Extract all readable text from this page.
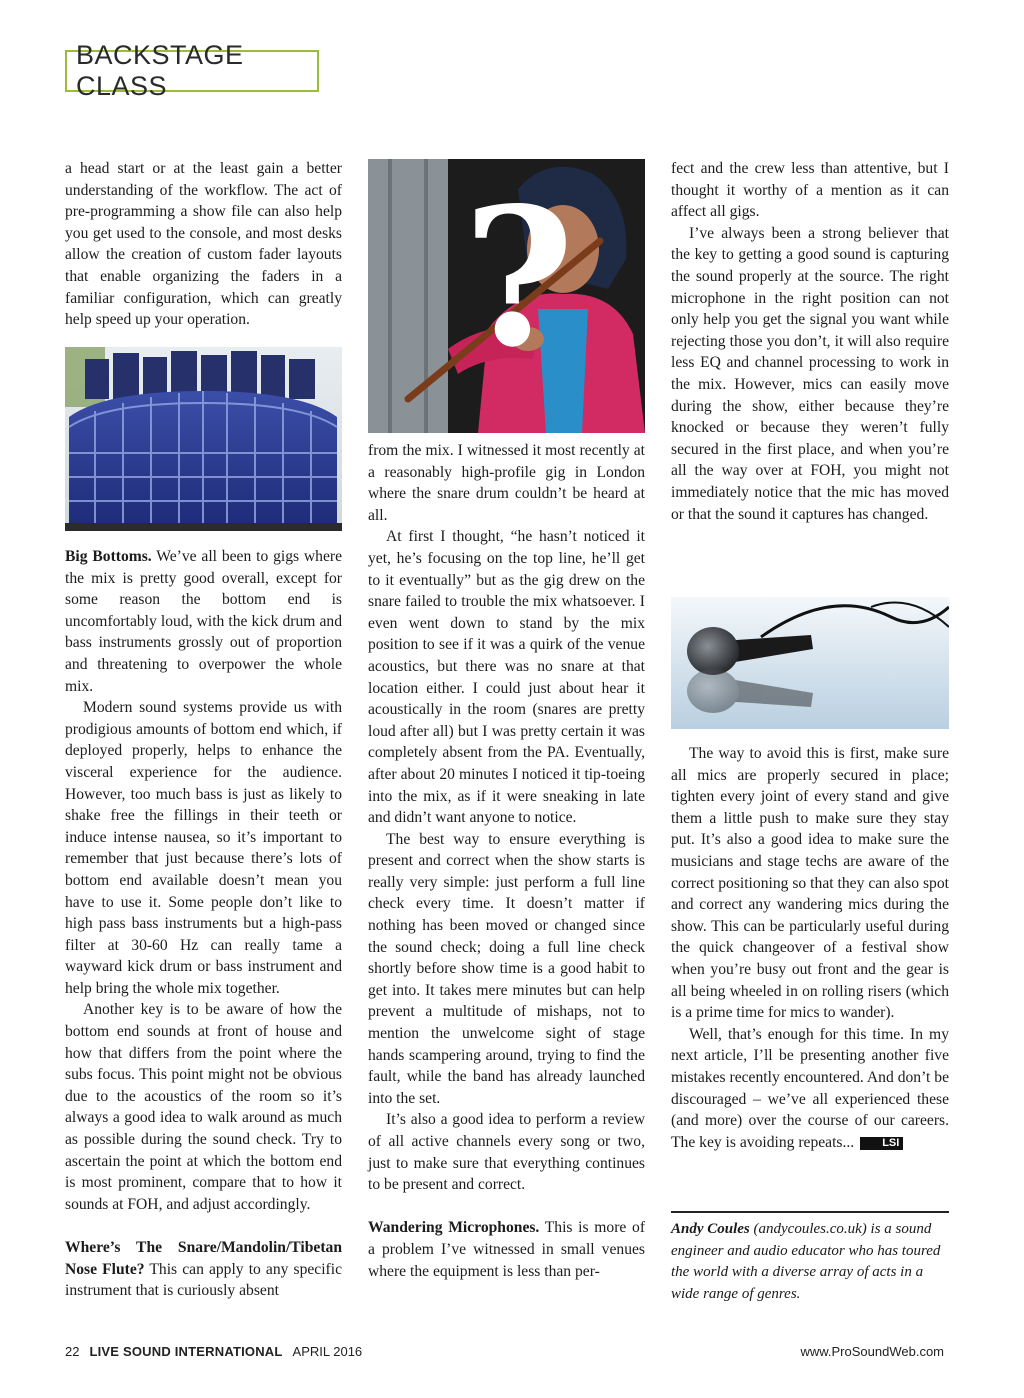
BACKSTAGE CLASS

a head start or at the least gain a better understanding of the workflow. The act of pre-programming a show file can also help you get used to the console, and most desks allow the creation of custom fader layouts that enable organizing the faders in a familiar configuration, which can greatly help speed up your operation.

Big Bottoms. We’ve all been to gigs where the mix is pretty good overall, except for some reason the bottom end is uncomfortably loud, with the kick drum and bass instruments grossly out of proportion and threatening to overpower the whole mix.

Modern sound systems provide us with prodigious amounts of bottom end which, if deployed properly, helps to enhance the visceral experience for the audience. However, too much bass is just as likely to shake free the fillings in their teeth or induce intense nausea, so it’s important to remember that just because there’s lots of bottom end available doesn’t mean you have to use it. Some people don’t like to high pass bass instruments but a high-pass filter at 30-60 Hz can really tame a wayward kick drum or bass instrument and help bring the whole mix together.

Another key is to be aware of how the bottom end sounds at front of house and how that differs from the point where the subs focus. This point might not be obvious due to the acoustics of the room so it’s always a good idea to walk around as much as possible during the sound check. Try to ascertain the point at which the bottom end is most prominent, compare that to how it sounds at FOH, and adjust accordingly.

Where’s The Snare/Mandolin/Tibetan Nose Flute? This can apply to any specific instrument that is curiously absent

?

from the mix. I witnessed it most recently at a reasonably high-profile gig in London where the snare drum couldn’t be heard at all.

At first I thought, “he hasn’t noticed it yet, he’s focusing on the top line, he’ll get to it eventually” but as the gig drew on the snare failed to trouble the mix whatsoever. I even went down to stand by the mix position to see if it was a quirk of the venue acoustics, but there was no snare at that location either. I could just about hear it acoustically in the room (snares are pretty loud after all) but I was pretty certain it was completely absent from the PA. Eventually, after about 20 minutes I noticed it tip-toeing into the mix, as if it were sneaking in late and didn’t want anyone to notice.

The best way to ensure everything is present and correct when the show starts is really very simple: just perform a full line check every time. It doesn’t matter if nothing has been moved or changed since the sound check; doing a full line check shortly before show time is a good habit to get into. It takes mere minutes but can help prevent a multitude of mishaps, not to mention the unwelcome sight of stage hands scampering around, trying to find the fault, while the band has already launched into the set.

It’s also a good idea to perform a review of all active channels every song or two, just to make sure that everything continues to be present and correct.

Wandering Microphones. This is more of a problem I’ve witnessed in small venues where the equipment is less than per-

fect and the crew less than attentive, but I thought it worthy of a mention as it can affect all gigs.

I’ve always been a strong believer that the key to getting a good sound is capturing the sound properly at the source. The right microphone in the right position can not only help you get the signal you want while rejecting those you don’t, it will also require less EQ and channel processing to work in the mix. However, mics can easily move during the show, either because they’re knocked or because they weren’t fully secured in the first place, and when you’re all the way over at FOH, you might not immediately notice that the mic has moved or that the sound it captures has changed.

The way to avoid this is first, make sure all mics are properly secured in place; tighten every joint of every stand and give them a little push to make sure they stay put. It’s also a good idea to make sure the musicians and stage techs are aware of the correct positioning so that they can also spot and correct any wandering mics during the show. This can be particularly useful during the quick changeover of a festival show when you’re busy out front and the gear is all being wheeled in on rolling risers (which is a prime time for mics to wander).

Well, that’s enough for this time. In my next article, I’ll be presenting another five mistakes recently encountered. And don’t be discouraged – we’ve all experienced these (and more) over the course of our careers. The key is avoiding repeats...	LSI

Andy Coules (andycoules.co.uk) is a sound engineer and audio educator who has toured the world with a diverse array of acts in a wide range of genres.
22 LIVE SOUND INTERNATIONAL APRIL 2016	www.ProSoundWeb.com
